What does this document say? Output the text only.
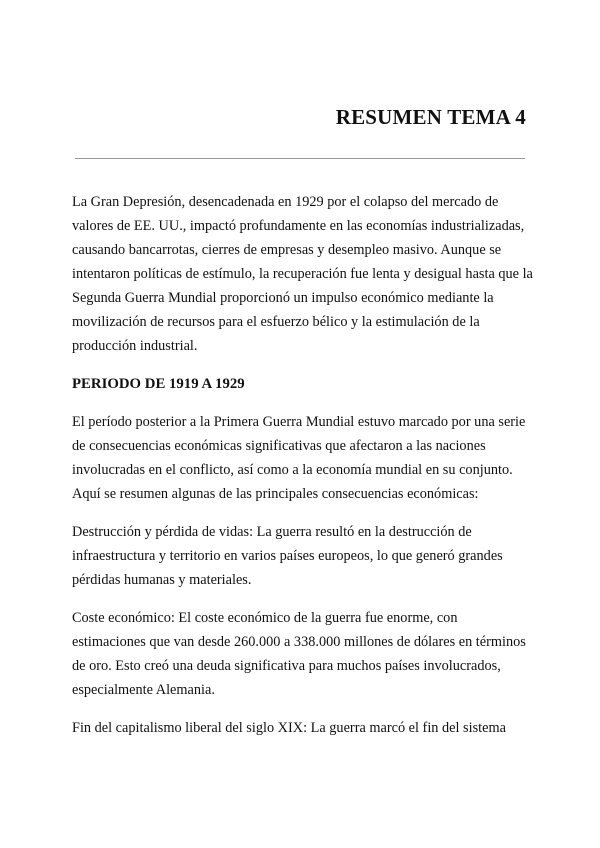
RESUMEN TEMA 4

La Gran Depresión, desencadenada en 1929 por el colapso del mercado de
valores de EE. UU., impactó profundamente en las economías industrializadas,
causando bancarrotas, cierres de empresas y desempleo masivo. Aunque se
intentaron políticas de estímulo, la recuperación fue lenta y desigual hasta que la
Segunda Guerra Mundial proporcionó un impulso económico mediante la
movilización de recursos para el esfuerzo bélico y la estimulación de la
producción industrial.

PERIODO DE 1919 A 1929

El período posterior a la Primera Guerra Mundial estuvo marcado por una serie
de consecuencias económicas significativas que afectaron a las naciones
involucradas en el conflicto, así como a la economía mundial en su conjunto.
Aquí se resumen algunas de las principales consecuencias económicas:

Destrucción y pérdida de vidas: La guerra resultó en la destrucción de
infraestructura y territorio en varios países europeos, lo que generó grandes
pérdidas humanas y materiales.

Coste económico: El coste económico de la guerra fue enorme, con
estimaciones que van desde 260.000 a 338.000 millones de dólares en términos
de oro. Esto creó una deuda significativa para muchos países involucrados,
especialmente Alemania.

Fin del capitalismo liberal del siglo XIX: La guerra marcó el fin del sistema
